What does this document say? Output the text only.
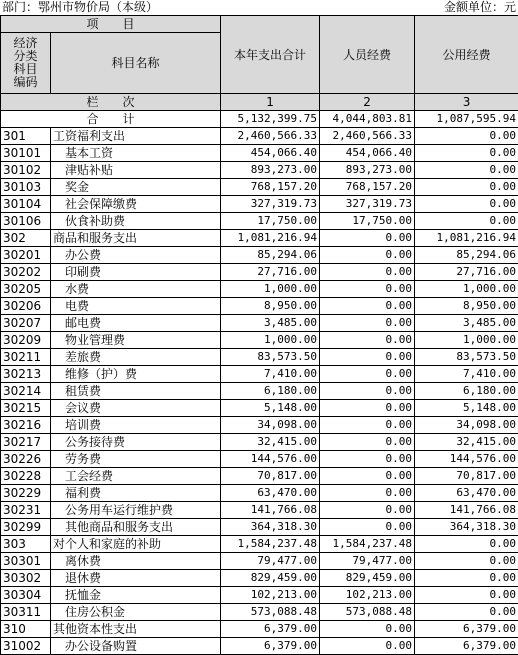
部门：鄂州市物价局（本级）	金额单位：元
项　　目		本年支出合计	人员经费	公用经费

经济
分类
科目
编码	科目名称			
栏　　次		1	2	3
合　　计		5,132,399.75	4,044,803.81	1,087,595.94
301	工资福利支出	2,460,566.33	2,460,566.33	0.00
30101	基本工资	454,066.40	454,066.40	0.00
30102	津贴补贴	893,273.00	893,273.00	0.00
30103	奖金	768,157.20	768,157.20	0.00
30104	社会保障缴费	327,319.73	327,319.73	0.00
30106	伙食补助费	17,750.00	17,750.00	0.00
302	商品和服务支出	1,081,216.94	0.00	1,081,216.94
30201	办公费	85,294.06	0.00	85,294.06
30202	印刷费	27,716.00	0.00	27,716.00
30205	水费	1,000.00	0.00	1,000.00
30206	电费	8,950.00	0.00	8,950.00
30207	邮电费	3,485.00	0.00	3,485.00
30209	物业管理费	1,000.00	0.00	1,000.00
30211	差旅费	83,573.50	0.00	83,573.50
30213	维修（护）费	7,410.00	0.00	7,410.00
30214	租赁费	6,180.00	0.00	6,180.00
30215	会议费	5,148.00	0.00	5,148.00
30216	培训费	34,098.00	0.00	34,098.00
30217	公务接待费	32,415.00	0.00	32,415.00
30226	劳务费	144,576.00	0.00	144,576.00
30228	工会经费	70,817.00	0.00	70,817.00
30229	福利费	63,470.00	0.00	63,470.00
30231	公务用车运行维护费	141,766.08	0.00	141,766.08
30299	其他商品和服务支出	364,318.30	0.00	364,318.30
303	对个人和家庭的补助	1,584,237.48	1,584,237.48	0.00
30301	离休费	79,477.00	79,477.00	0.00
30302	退休费	829,459.00	829,459.00	0.00
30304	抚恤金	102,213.00	102,213.00	0.00
30311	住房公积金	573,088.48	573,088.48	0.00
310	其他资本性支出	6,379.00	0.00	6,379.00
31002	办公设备购置	6,379.00	0.00	6,379.00
